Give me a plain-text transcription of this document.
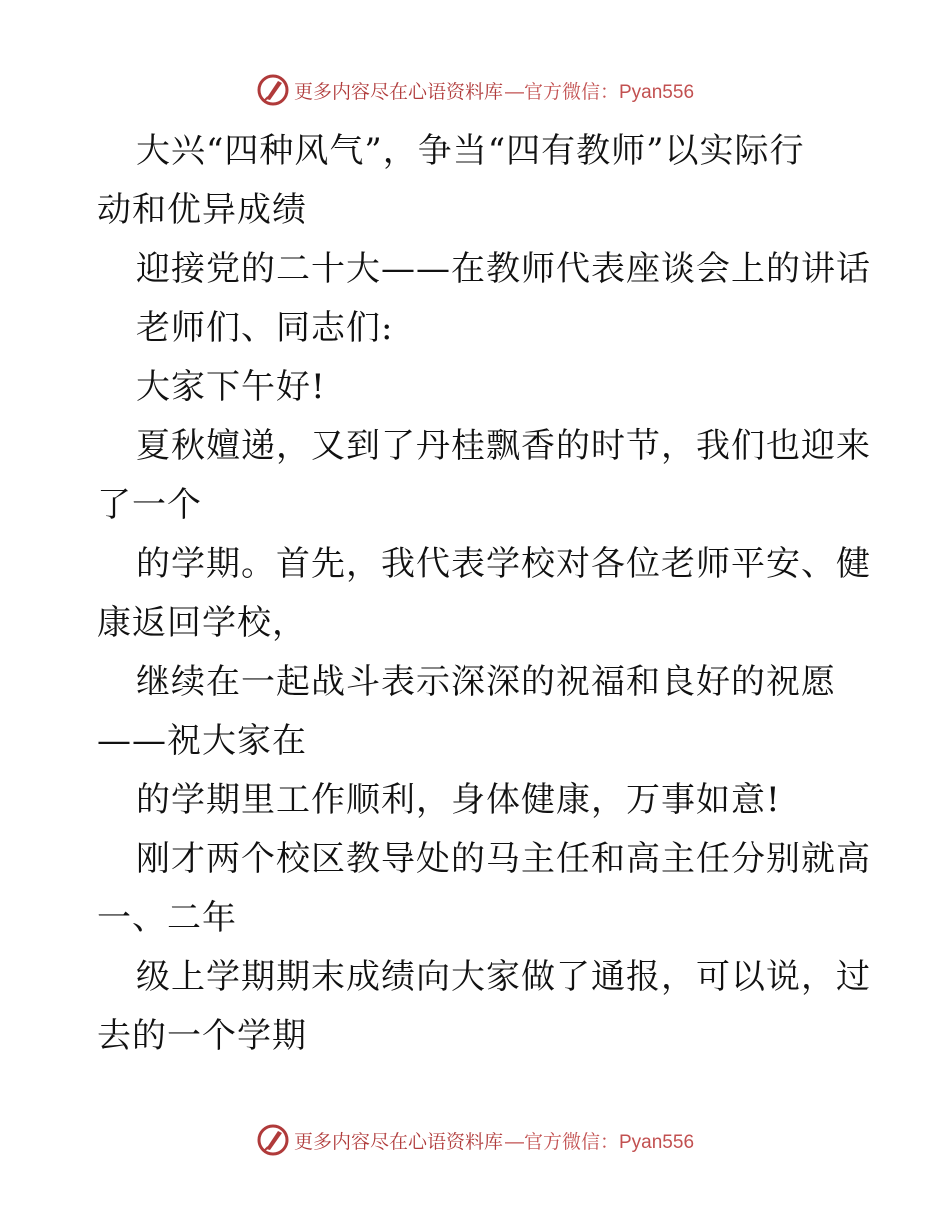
更多内容尽在心语资料库 —官方微信：Pyan556
大兴“四种风气”，争当“四有教师”以实际行
动和优异成绩
迎接党的二十大——在教师代表座谈会上的讲话
老师们、同志们:
大家下午好!
夏秋嬗递，又到了丹桂飘香的时节，我们也迎来
了一个
的学期。首先，我代表学校对各位老师平安、健
康返回学校，
继续在一起战斗表示深深的祝福和良好的祝愿
——祝大家在
的学期里工作顺利，身体健康，万事如意!
刚才两个校区教导处的马主任和高主任分别就高
一、二年
级上学期期末成绩向大家做了通报，可以说，过
去的一个学期
更多内容尽在心语资料库 —官方微信：Pyan556
